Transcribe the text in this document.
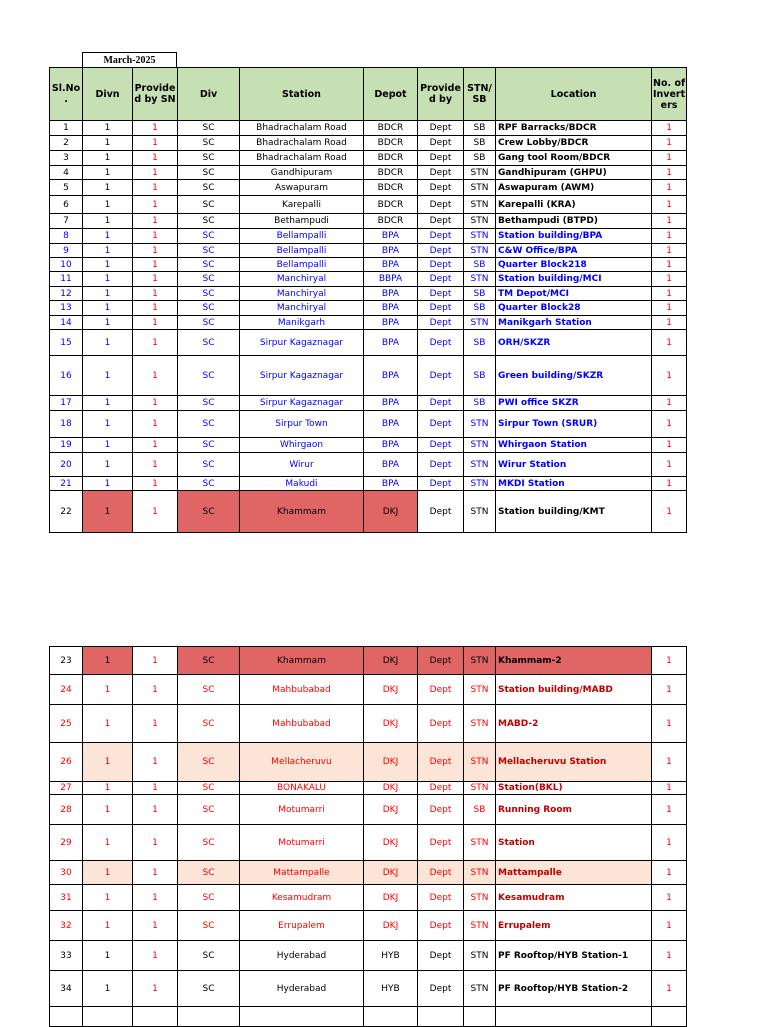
March-2025
Sl.No .	Divn	Provide d by SN	Div	Station	Depot	Provide d by	STN/ SB	Location	No. of Invert ers
1	1	1	SC	Bhadrachalam Road	BDCR	Dept	SB	RPF Barracks/BDCR	1
2	1	1	SC	Bhadrachalam Road	BDCR	Dept	SB	Crew Lobby/BDCR	1
3	1	1	SC	Bhadrachalam Road	BDCR	Dept	SB	Gang tool Room/BDCR	1
4	1	1	SC	Gandhipuram	BDCR	Dept	STN	Gandhipuram (GHPU)	1
5	1	1	SC	Aswapuram	BDCR	Dept	STN	Aswapuram (AWM)	1
6	1	1	SC	Karepalli	BDCR	Dept	STN	Karepalli (KRA)	1
7	1	1	SC	Bethampudi	BDCR	Dept	STN	Bethampudi (BTPD)	1
8	1	1	SC	Bellampalli	BPA	Dept	STN	Station building/BPA	1
9	1	1	SC	Bellampalli	BPA	Dept	STN	C&W Office/BPA	1
10	1	1	SC	Bellampalli	BPA	Dept	SB	Quarter Block218	1
11	1	1	SC	Manchiryal	BBPA	Dept	STN	Station building/MCI	1
12	1	1	SC	Manchiryal	BPA	Dept	SB	TM Depot/MCI	1
13	1	1	SC	Manchiryal	BPA	Dept	SB	Quarter Block28	1
14	1	1	SC	Manikgarh	BPA	Dept	STN	Manikgarh Station	1
15	1	1	SC	Sirpur Kagaznagar	BPA	Dept	SB	ORH/SKZR	1
16	1	1	SC	Sirpur Kagaznagar	BPA	Dept	SB	Green building/SKZR	1
17	1	1	SC	Sirpur Kagaznagar	BPA	Dept	SB	PWI office SKZR	1
18	1	1	SC	Sirpur Town	BPA	Dept	STN	Sirpur Town (SRUR)	1
19	1	1	SC	Whirgaon	BPA	Dept	STN	Whirgaon Station	1
20	1	1	SC	Wirur	BPA	Dept	STN	Wirur Station	1
21	1	1	SC	Makudi	BPA	Dept	STN	MKDI Station	1
22	1	1	SC	Khammam	DKJ	Dept	STN	Station building/KMT	1
23	1	1	SC	Khammam	DKJ	Dept	STN	Khammam-2	1
24	1	1	SC	Mahbubabad	DKJ	Dept	STN	Station building/MABD	1
25	1	1	SC	Mahbubabad	DKJ	Dept	STN	MABD-2	1
26	1	1	SC	Mellacheruvu	DKJ	Dept	STN	Mellacheruvu Station	1
27	1	1	SC	BONAKALU	DKJ	Dept	STN	Station(BKL)	1
28	1	1	SC	Motumarri	DKJ	Dept	SB	Running Room	1
29	1	1	SC	Motumarri	DKJ	Dept	STN	Station	1
30	1	1	SC	Mattampalle	DKJ	Dept	STN	Mattampalle	1
31	1	1	SC	Kesamudram	DKJ	Dept	STN	Kesamudram	1
32	1	1	SC	Errupalem	DKJ	Dept	STN	Errupalem	1
33	1	1	SC	Hyderabad	HYB	Dept	STN	PF Rooftop/HYB Station-1	1
34	1	1	SC	Hyderabad	HYB	Dept	STN	PF Rooftop/HYB Station-2	1
